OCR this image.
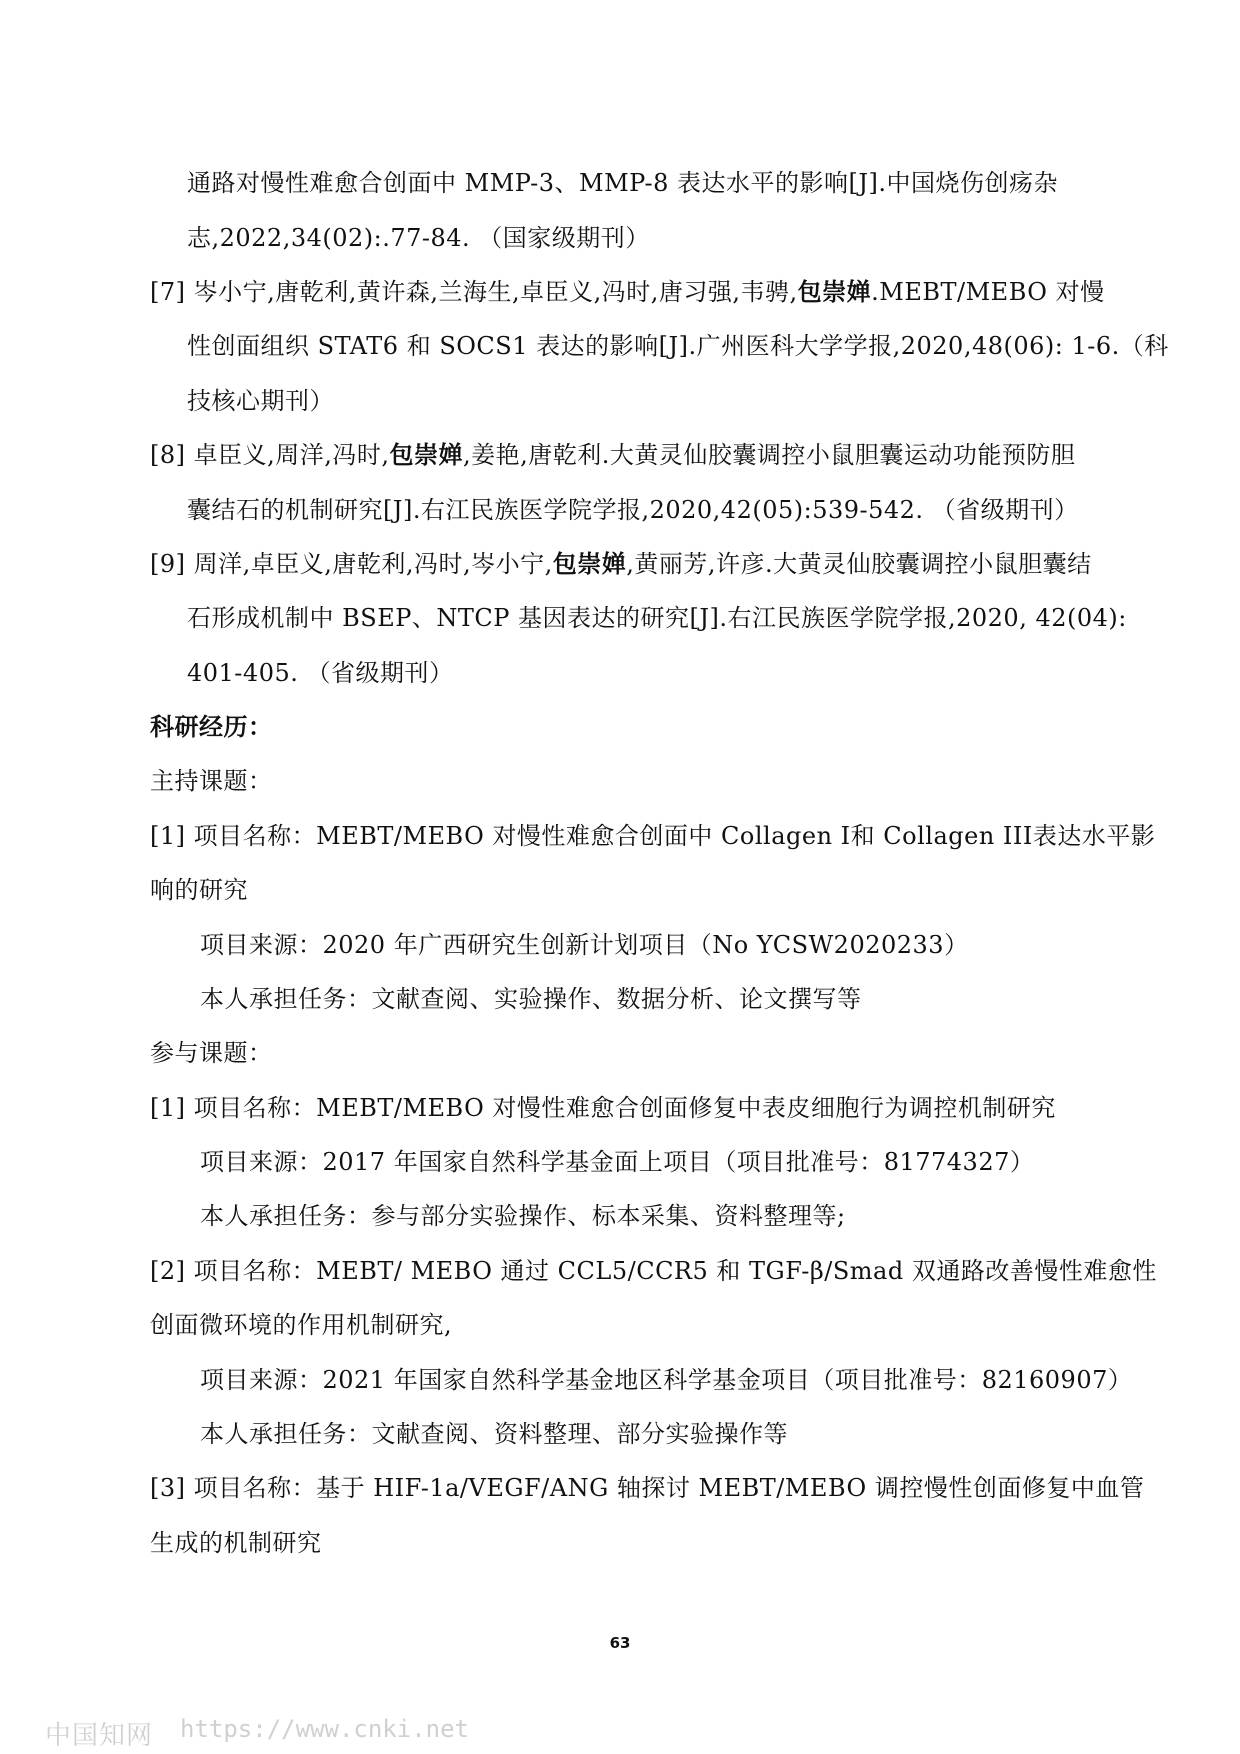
通路对慢性难愈合创面中 MMP-3、MMP-8 表达水平的影响[J].中国烧伤创疡杂
志,2022,34(02):.77-84. （国家级期刊）
[7] 岑小宁,唐乾利,黄许森,兰海生,卓臣义,冯时,唐习强,韦骋,包崇婵.MEBT/MEBO 对慢
性创面组织 STAT6 和 SOCS1 表达的影响[J].广州医科大学学报,2020,48(06): 1-6.（科
技核心期刊）
[8] 卓臣义,周洋,冯时,包崇婵,姜艳,唐乾利.大黄灵仙胶囊调控小鼠胆囊运动功能预防胆
囊结石的机制研究[J].右江民族医学院学报,2020,42(05):539-542. （省级期刊）
[9] 周洋,卓臣义,唐乾利,冯时,岑小宁,包崇婵,黄丽芳,许彦.大黄灵仙胶囊调控小鼠胆囊结
石形成机制中 BSEP、NTCP 基因表达的研究[J].右江民族医学院学报,2020, 42(04):
401-405. （省级期刊）
科研经历：
主持课题：
[1] 项目名称：MEBT/MEBO 对慢性难愈合创面中 Collagen I和 Collagen III表达水平影
响的研究
项目来源：2020 年广西研究生创新计划项目（No YCSW2020233）
本人承担任务：文献查阅、实验操作、数据分析、论文撰写等
参与课题：
[1] 项目名称：MEBT/MEBO 对慢性难愈合创面修复中表皮细胞行为调控机制研究
项目来源：2017 年国家自然科学基金面上项目（项目批准号：81774327）
本人承担任务：参与部分实验操作、标本采集、资料整理等;
[2] 项目名称：MEBT/ MEBO 通过 CCL5/CCR5 和 TGF-β/Smad 双通路改善慢性难愈性
创面微环境的作用机制研究,
项目来源：2021 年国家自然科学基金地区科学基金项目（项目批准号：82160907）
本人承担任务：文献查阅、资料整理、部分实验操作等
[3] 项目名称：基于 HIF-1a/VEGF/ANG 轴探讨 MEBT/MEBO 调控慢性创面修复中血管
生成的机制研究
63
中国知网 https://www.cnki.net
